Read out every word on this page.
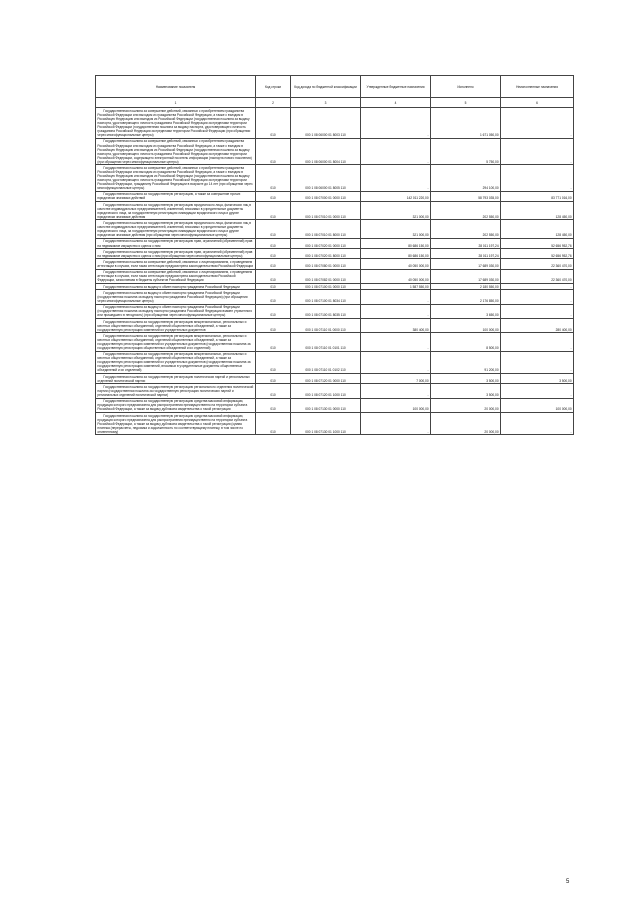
Наименование показателя	Код строки	Код дохода по бюджетной классификации	Утвержденные бюджетные назначения	Исполнено	Неисполненные назначения
1	2	3	4	5	6
Государственная пошлина за совершение действий, связанных с приобретением гражданства Российской Федерации или выходом из гражданства Российской Федерации, а также с въездом в Российскую Федерацию или выездом из Российской Федерации (государственная пошлина за выдачу паспорта, удостоверяющего личность гражданина Российской Федерации за пределами территории Российской Федерации (государственная пошлина за выдачу паспорта, удостоверяющего личность гражданина Российской Федерации за пределами территории Российской Федерации (при обращении через многофункциональные центры)	010	000 1 08 06000 01 8003 110	-	1 671 050,00	-
Государственная пошлина за совершение действий, связанных с приобретением гражданства Российской Федерации или выходом из гражданства Российской Федерации, а также с въездом в Российскую Федерацию или выездом из Российской Федерации (государственная пошлина за выдачу паспорта, удостоверяющего личность гражданина Российской Федерации за пределами территории Российской Федерации, содержащего электронный носитель информации (паспорта нового поколения) (при обращении через многофункциональные центры)	010	000 1 08 06000 01 8004 110	-	5 750,00	-
Государственная пошлина за совершение действий, связанных с приобретением гражданства Российской Федерации или выходом из гражданства Российской Федерации, а также с въездом в Российскую Федерацию или выездом из Российской Федерации (государственная пошлина за выдачу паспорта, удостоверяющего личность гражданина Российской Федерации за пределами территории Российской Федерации, гражданину Российской Федерации в возрасте до 14 лет (при обращении через многофункциональные центры)	010	000 1 08 06000 01 8005 110	-	294 100,00	-
Государственная пошлина за государственную регистрацию, а также за совершение прочих юридически значимых действий	010	000 1 08 07000 01 0000 110	142 011 220,00	58 793 035,00	83 771 016,00
Государственная пошлина за государственную регистрацию юридического лица, физических лиц в качестве индивидуальных предпринимателей, изменений, вносимых в учредительные документы юридического лица, за государственную регистрацию ликвидации юридического лица и другие юридически значимые действия	010	000 1 08 07010 01 0000 110	321 000,00	202 550,00	128 450,00
Государственная пошлина за государственную регистрацию юридического лица, физических лиц в качестве индивидуальных предпринимателей, изменений, вносимых в учредительные документы юридического лица, за государственную регистрацию ликвидации юридического лица и другие юридически значимые действия (при обращении через многофункциональные центры)	010	000 1 08 07010 01 8000 110	321 000,00	202 550,00	128 450,00
Государственная пошлина за государственную регистрацию прав, ограничений (обременений) прав на недвижимое имущество и сделок с ним	010	000 1 08 07020 01 0000 110	80 686 150,00	28 011 197,24	52 656 952,76
Государственная пошлина за государственную регистрацию прав, ограничений (обременений) прав на недвижимое имущество и сделок с ним (при обращении через многофункциональные центры)	010	000 1 08 07020 01 8000 110	80 686 150,00	28 011 197,24	52 656 952,76
Государственная пошлина за совершение действий, связанных с лицензированием, с проведением аттестации в случаях, если такая аттестация предусмотрена законодательством Российской Федерации	010	000 1 08 07080 01 0000 110	40 050 000,00	17 689 030,00	22 360 470,00
Государственная пошлина за совершение действий, связанных с лицензированием, с проведением аттестации в случаях, если такая аттестация предусмотрена законодательством Российской Федерации, зачисляемая в бюджеты субъектов Российской Федерации	010	000 1 08 07082 01 0000 110	40 050 000,00	17 689 030,00	22 360 470,00
Государственная пошлина за выдачу и обмен паспорта гражданина Российской Федерации	010	000 1 08 07100 01 0000 110	1 587 550,00	2 180 550,00	-
Государственная пошлина за выдачу и обмен паспорта гражданина Российской Федерации (государственная пошлина за выдачу паспорта гражданина Российской Федерации) (при обращении через многофункциональные центры)	010	000 1 08 07100 01 8034 110	-	2 176 850,00	-
Государственная пошлина за выдачу и обмен паспорта гражданина Российской Федерации (государственная пошлина за выдачу паспорта гражданина Российской Федерации взамен утраченного или пришедшего в негодность) (при обращении через многофункциональные центры)	010	000 1 08 07100 01 8035 110	-	3 650,00	-
Государственная пошлина за государственную регистрацию межрегиональных, региональных и местных общественных объединений, отделений общественных объединений, а также за государственную регистрацию изменений их учредительных документов	010	000 1 08 07110 01 0000 110	380 400,00	100 000,00	280 400,00
Государственная пошлина за государственную регистрацию межрегиональных, региональных и местных общественных объединений, отделений общественных объединений, а также за государственную регистрацию изменений их учредительных документов (государственная пошлина за государственную регистрацию общественных объединений и их отделений)	010	000 1 08 07110 01 0101 110	-	8 500,00	-
Государственная пошлина за государственную регистрацию межрегиональных, региональных и местных общественных объединений, отделений общественных объединений, а также за государственную регистрацию изменений их учредительных документов (государственная пошлина за государственную регистрацию изменений, вносимых в учредительные документы общественных объединений и их отделений)	010	000 1 08 07110 01 0102 110	-	91 200,00	-
Государственная пошлина за государственную регистрацию политических партий и региональных отделений политической партии	010	000 1 08 07120 01 0000 110	7 000,00	3 500,00	3 500,00
Государственная пошлина за государственную регистрацию регионального отделения политической партии (государственная пошлина за государственную регистрацию политических партий и региональных отделений политической партии)	010	000 1 08 07120 01 1000 110	-	3 500,00	-
Государственная пошлина за государственную регистрацию средства массовой информации, продукция которого предназначена для распространения преимущественно на территории субъекта Российской Федерации, а также за выдачу дубликата свидетельства о такой регистрации	010	000 1 08 07130 01 0000 110	100 000,00	20 000,00	100 000,00
Государственная пошлина за государственную регистрацию средства массовой информации, продукция которого предназначена для распространения преимущественно на территории субъекта Российской Федерации, а также за выдачу дубликата свидетельства о такой регистрации (сумма платежа (перерасчеты, недоимка и задолженность по соответствующему платежу, в том числе по отмененному)	010	000 1 08 07130 01 1000 110	-	20 000,00	-
5
